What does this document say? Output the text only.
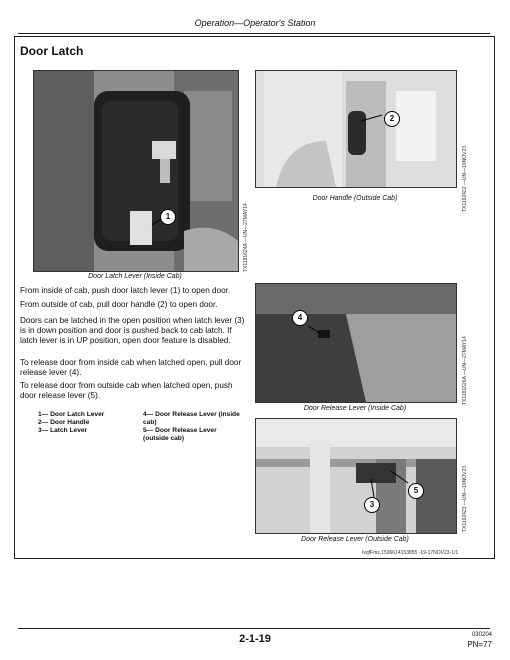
Operation—Operator's Station
Door Latch
1	TX1181624A —UN—27MAY14
Door Latch Lever (Inside Cab)
2
Door Handle (Outside Cab)	TX1192422 —UN—19NOV23
From inside of cab, push door latch lever (1) to open door.
From outside of cab, pull door handle (2) to open door.
Doors can be latched in the open position when latch lever (3) is in down position and door is pushed back to cab latch. If latch lever is in UP position, open door feature is disabled.
To release door from inside cab when latched open, pull door release lever (4).
To release door from outside cab when latched open, push door release lever (5).
1— Door Latch Lever
2— Door Handle
3— Latch Lever
4— Door Release Lever (inside cab)
5— Door Release Lever (outside cab)
4
Door Release Lever (Inside Cab)
TX1181626A —UN—27MAY14
3
5
Door Release Lever (Outside Cab)
TX1192423 —UN—19NOV23
IvqfFms,1596614153855 -19-17NOV23-1/1
2-1-19	030204
PN=77
